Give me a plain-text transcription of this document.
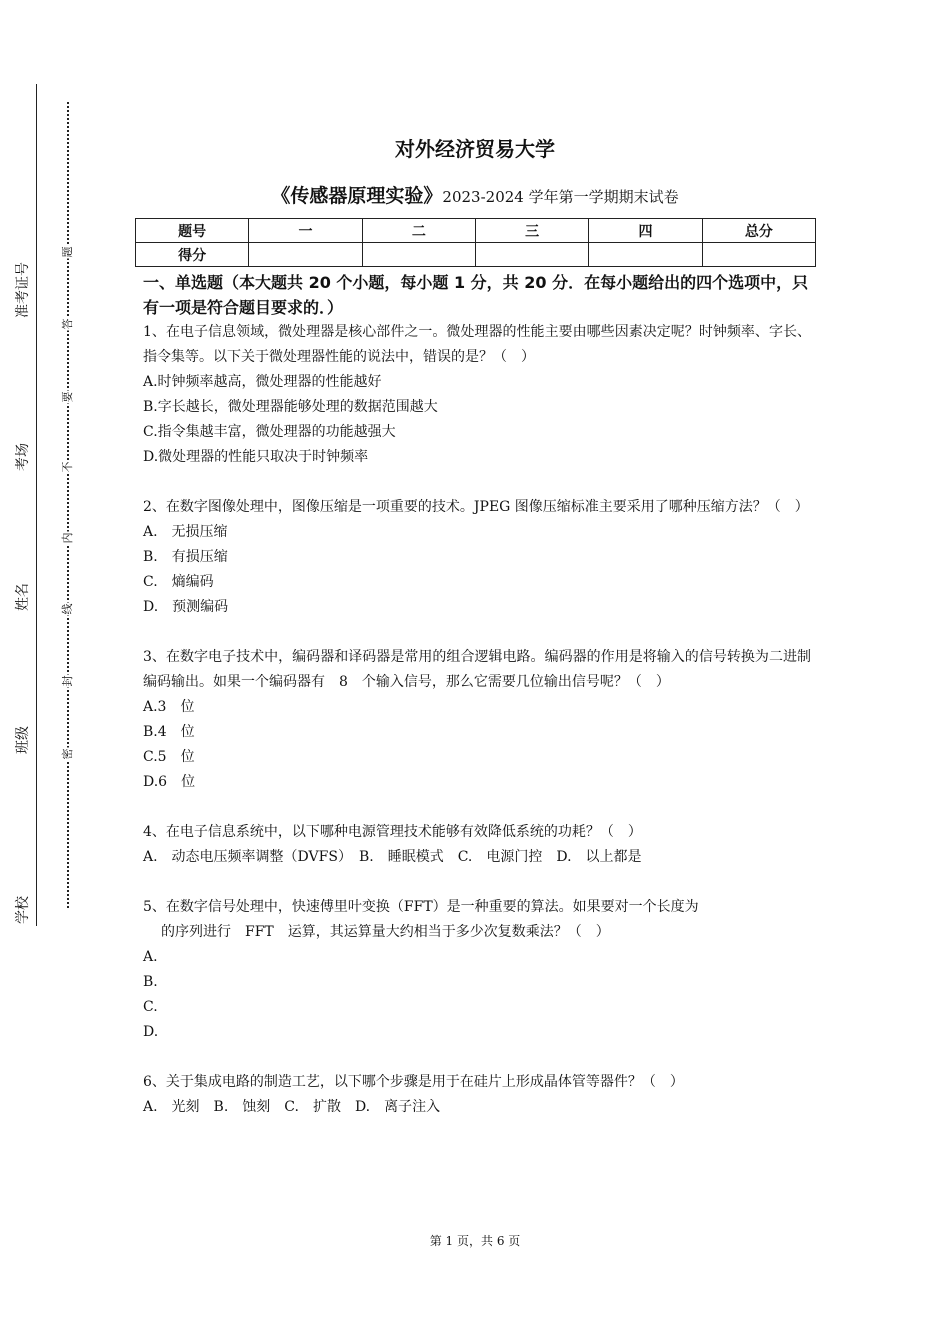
准考证号
考场
姓名
班级
学校
题
答
要
不
内
线
封
密
对外经济贸易大学
《传感器原理实验》2023-2024 学年第一学期期末试卷
题号	一	二	三	四	总分
得分					
一、单选题（本大题共 20 个小题，每小题 1 分，共 20 分．在每小题给出的四个选项中，只有一项是符合题目要求的．）
1、在电子信息领域，微处理器是核心部件之一。微处理器的性能主要由哪些因素决定呢？时钟频率、字长、指令集等。以下关于微处理器性能的说法中，错误的是？（　）
A.时钟频率越高，微处理器的性能越好
B.字长越长，微处理器能够处理的数据范围越大
C.指令集越丰富，微处理器的功能越强大
D.微处理器的性能只取决于时钟频率
2、在数字图像处理中，图像压缩是一项重要的技术。JPEG 图像压缩标准主要采用了哪种压缩方法？（　）
A.　无损压缩
B.　有损压缩
C.　熵编码
D.　预测编码
3、在数字电子技术中，编码器和译码器是常用的组合逻辑电路。编码器的作用是将输入的信号转换为二进制编码输出。如果一个编码器有　8　个输入信号，那么它需要几位输出信号呢？（　）
A.3　位
B.4　位
C.5　位
D.6　位
4、在电子信息系统中，以下哪种电源管理技术能够有效降低系统的功耗？（　）
A.　动态电压频率调整（DVFS）　B.　睡眠模式　C.　电源门控　D.　以上都是
5、在数字信号处理中，快速傅里叶变换（FFT）是一种重要的算法。如果要对一个长度为
的序列进行　FFT　运算，其运算量大约相当于多少次复数乘法？（　）
A.
B.
C.
D.
6、关于集成电路的制造工艺，以下哪个步骤是用于在硅片上形成晶体管等器件？（　）
A.　光刻　B.　蚀刻　C.　扩散　D.　离子注入
第 1 页，共 6 页
